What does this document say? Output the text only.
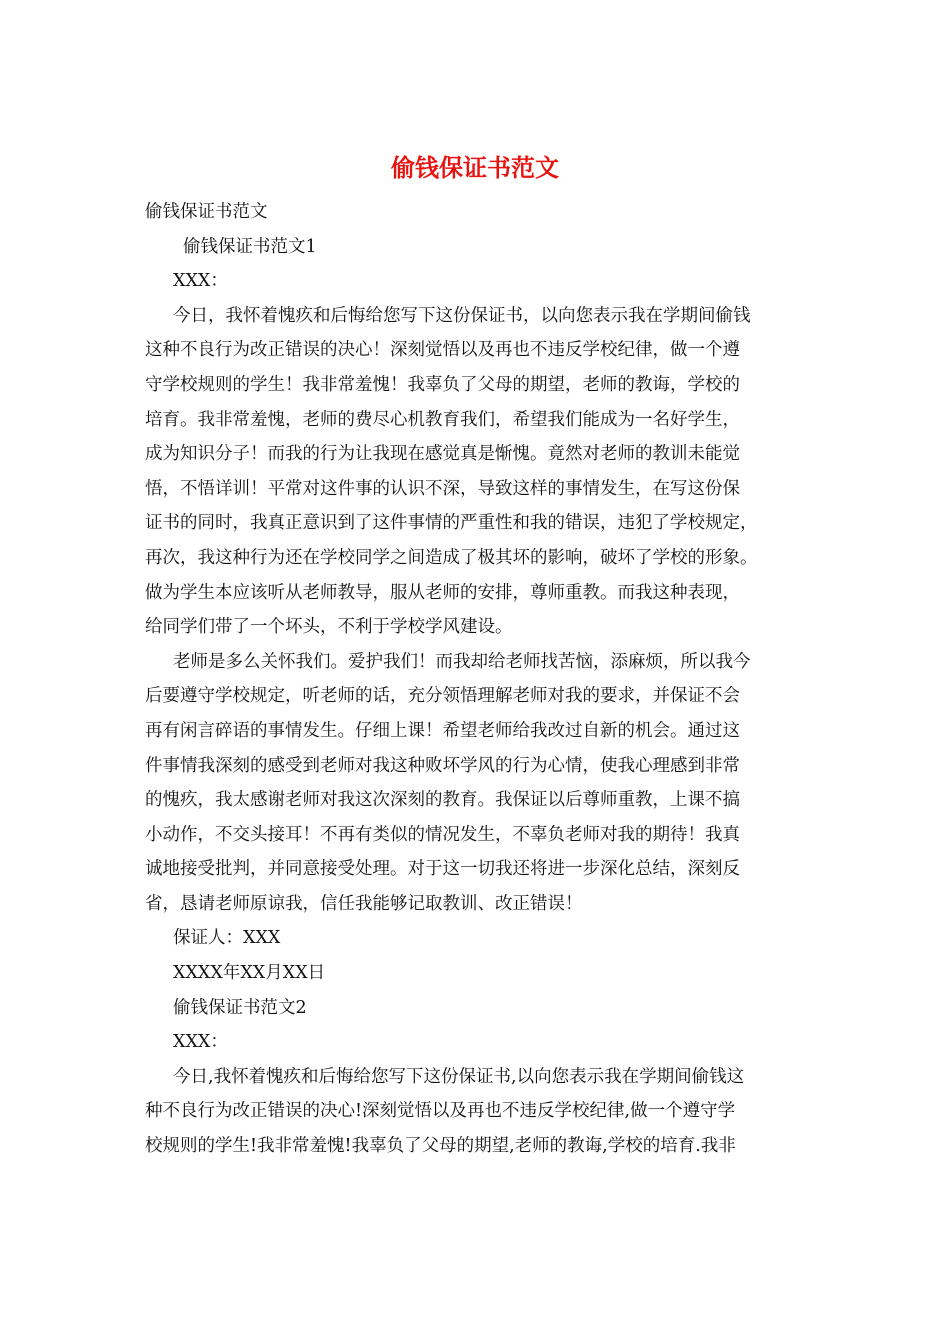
偷钱保证书范文

偷钱保证书范文

偷钱保证书范文1

XXX：

今日，我怀着愧疚和后悔给您写下这份保证书，以向您表示我在学期间偷钱

这种不良行为改正错误的决心！深刻觉悟以及再也不违反学校纪律，做一个遵

守学校规则的学生！我非常羞愧！我辜负了父母的期望，老师的教诲，学校的

培育。我非常羞愧，老师的费尽心机教育我们，希望我们能成为一名好学生，

成为知识分子！而我的行为让我现在感觉真是惭愧。竟然对老师的教训未能觉

悟，不悟详训！平常对这件事的认识不深，导致这样的事情发生，在写这份保

证书的同时，我真正意识到了这件事情的严重性和我的错误，违犯了学校规定，

再次，我这种行为还在学校同学之间造成了极其坏的影响，破坏了学校的形象。

做为学生本应该听从老师教导，服从老师的安排，尊师重教。而我这种表现，

给同学们带了一个坏头，不利于学校学风建设。

老师是多么关怀我们。爱护我们！而我却给老师找苦恼，添麻烦，所以我今

后要遵守学校规定，听老师的话，充分领悟理解老师对我的要求，并保证不会

再有闲言碎语的事情发生。仔细上课！希望老师给我改过自新的机会。通过这

件事情我深刻的感受到老师对我这种败坏学风的行为心情，使我心理感到非常

的愧疚，我太感谢老师对我这次深刻的教育。我保证以后尊师重教，上课不搞

小动作，不交头接耳！不再有类似的情况发生，不辜负老师对我的期待！我真

诚地接受批判，并同意接受处理。对于这一切我还将进一步深化总结，深刻反

省，恳请老师原谅我，信任我能够记取教训、改正错误！

保证人：XXX

XXXX年XX月XX日

偷钱保证书范文2

XXX：

今日,我怀着愧疚和后悔给您写下这份保证书,以向您表示我在学期间偷钱这

种不良行为改正错误的决心!深刻觉悟以及再也不违反学校纪律,做一个遵守学

校规则的学生!我非常羞愧!我辜负了父母的期望,老师的教诲,学校的培育.我非
